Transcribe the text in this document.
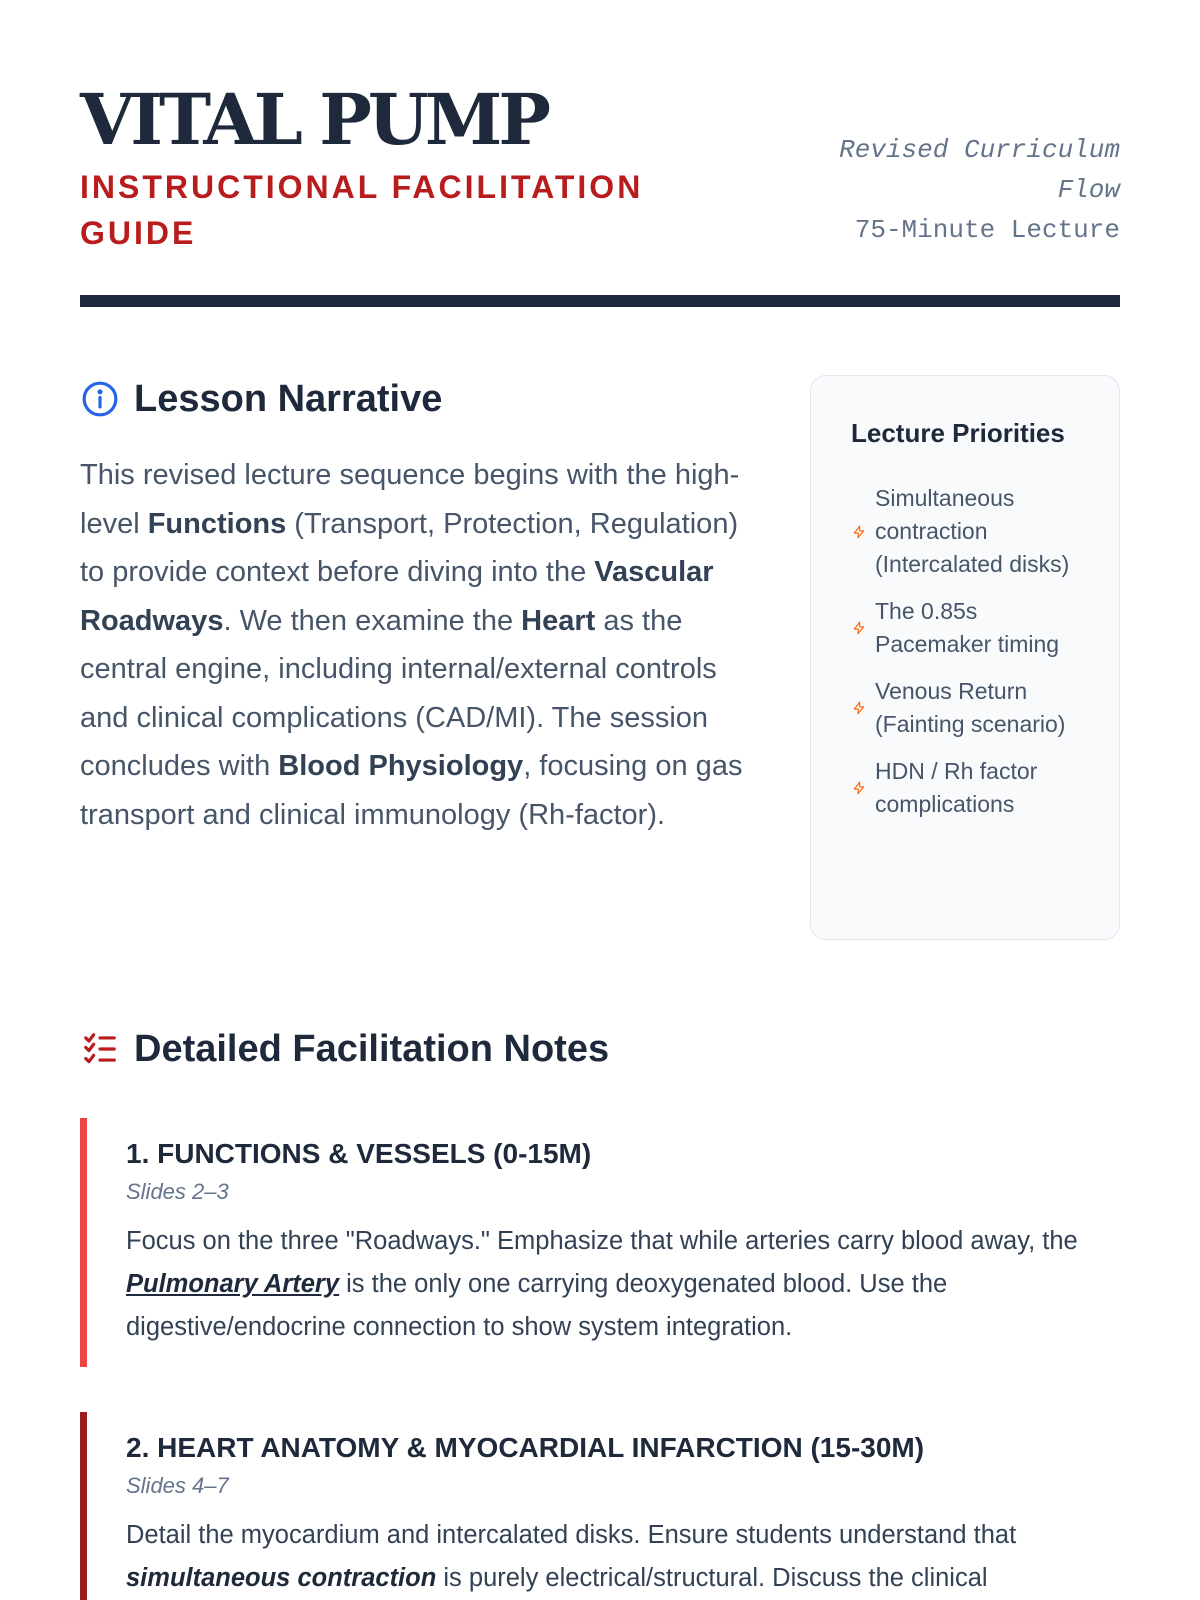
VITAL PUMP
INSTRUCTIONAL FACILITATION GUIDE
Revised Curriculum Flow
75-Minute Lecture
Lesson Narrative

This revised lecture sequence begins with the high-level Functions (Transport, Protection, Regulation) to provide context before diving into the Vascular Roadways. We then examine the Heart as the central engine, including internal/external controls and clinical complications (CAD/MI). The session concludes with Blood Physiology, focusing on gas transport and clinical immunology (Rh-factor).

Lecture Priorities
Simultaneous contraction (Intercalated disks)
The 0.85s Pacemaker timing
Venous Return (Fainting scenario)
HDN / Rh factor complications
Detailed Facilitation Notes
1. FUNCTIONS & VESSELS (0-15M)

Slides 2–3

Focus on the three "Roadways." Emphasize that while arteries carry blood away, the Pulmonary Artery is the only one carrying deoxygenated blood. Use the digestive/endocrine connection to show system integration.

2. HEART ANATOMY & MYOCARDIAL INFARCTION (15-30M)

Slides 4–7

Detail the myocardium and intercalated disks. Ensure students understand that simultaneous contraction is purely electrical/structural. Discuss the clinical
